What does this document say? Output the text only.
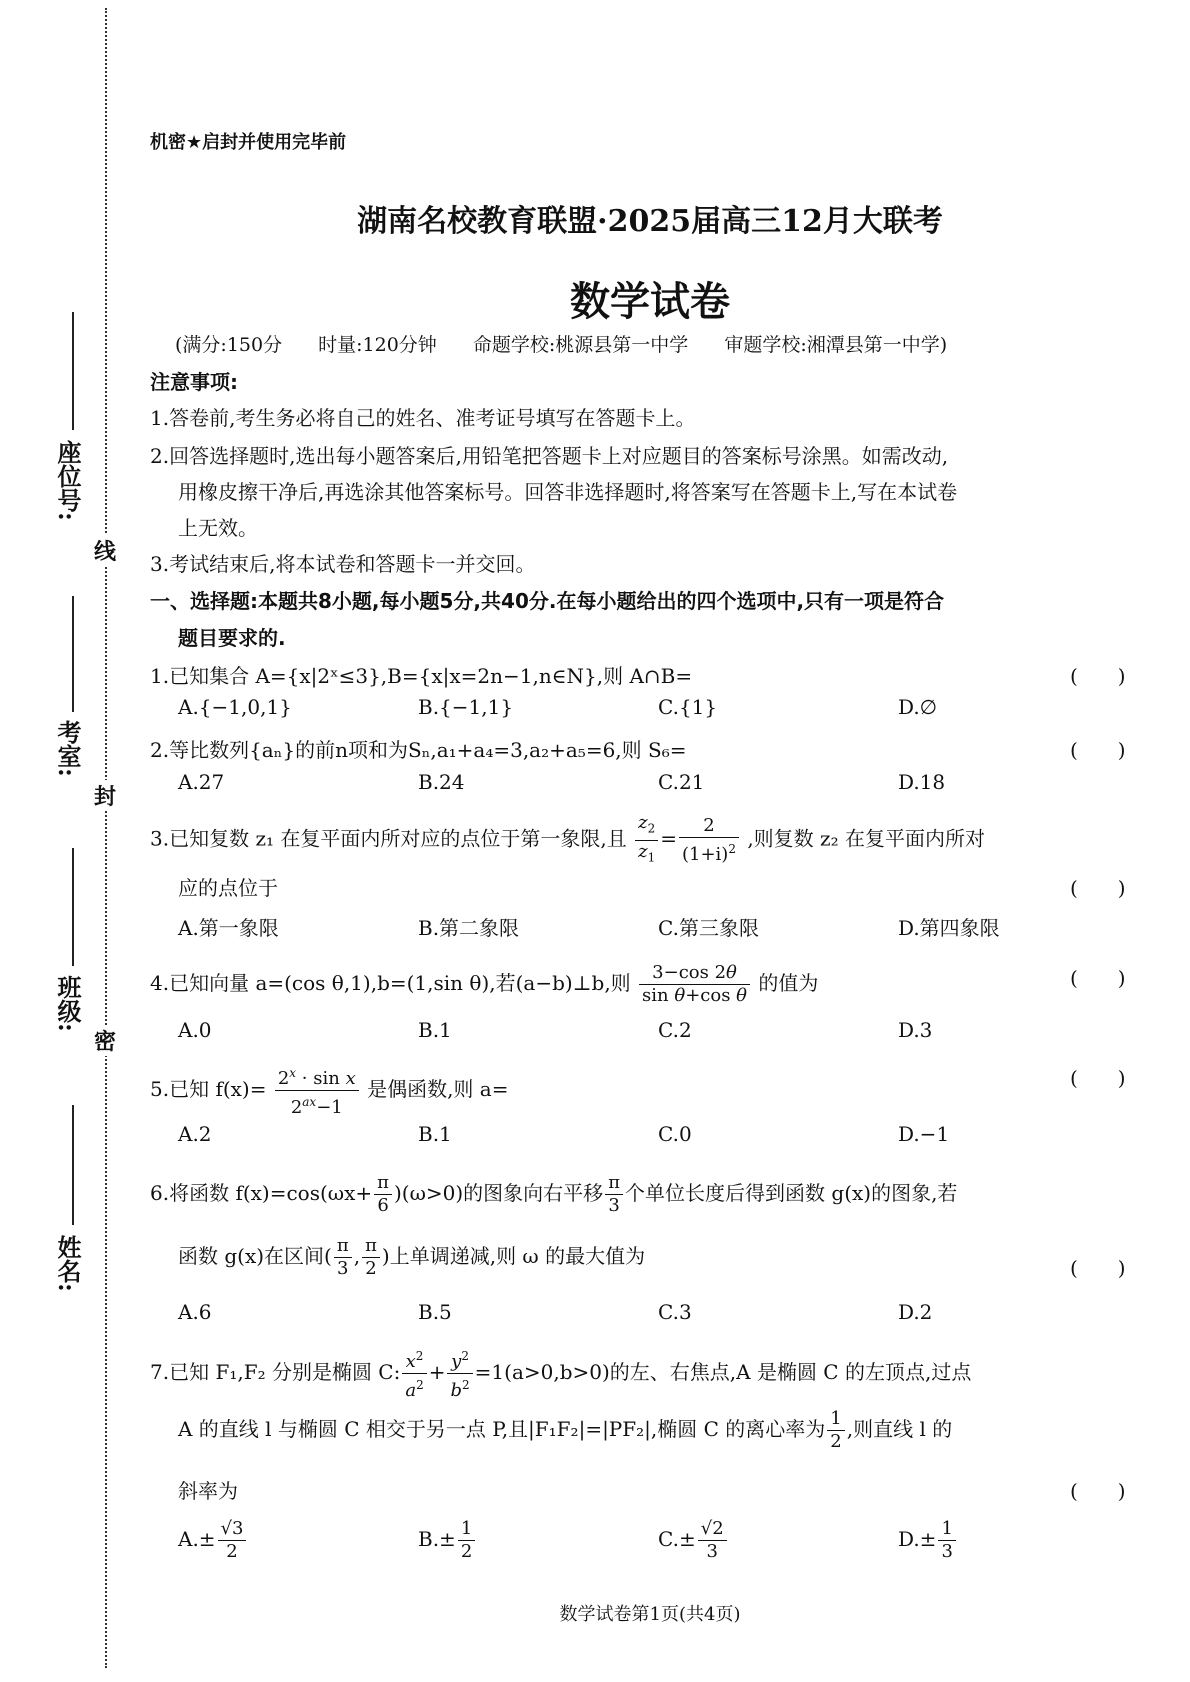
线
封
密
座位号:
考室:
班级:
姓名:
机密★启封并使用完毕前
湖南名校教育联盟·2025届高三12月大联考
数学试卷
(满分:150分 时量:120分钟 命题学校:桃源县第一中学 审题学校:湘潭县第一中学)
注意事项:
1.答卷前,考生务必将自己的姓名、准考证号填写在答题卡上。
2.回答选择题时,选出每小题答案后,用铅笔把答题卡上对应题目的答案标号涂黑。如需改动,
用橡皮擦干净后,再选涂其他答案标号。回答非选择题时,将答案写在答题卡上,写在本试卷
上无效。
3.考试结束后,将本试卷和答题卡一并交回。
一、选择题:本题共8小题,每小题5分,共40分.在每小题给出的四个选项中,只有一项是符合
题目要求的.
1.已知集合 A={x|2ˣ≤3},B={x|x=2n−1,n∈N},则 A∩B=	(　　)
A.{−1,0,1}	B.{−1,1}	C.{1}	D.∅
2.等比数列{aₙ}的前n项和为Sₙ,a₁+a₄=3,a₂+a₅=6,则 S₆=	(　　)
A.27	B.24	C.21	D.18
3.已知复数 z₁ 在复平面内所对应的点位于第一象限,且 $\frac{z_2}{z_1} = \frac{2}{(1+i)^2}$ ,则复数 z₂ 在复平面内所对
应的点位于	(　　)
A.第一象限	B.第二象限	C.第三象限	D.第四象限
4.已知向量 a=(cos θ,1),b=(1,sin θ),若(a−b)⊥b,则 $\frac{3-\cos 2\theta}{\text{sin θ+cos θ}}$ 的值为	(　　)
A.0	B.1	C.2	D.3
5.已知 $f(x)= \frac{2^x \cdot \sin x}{2^{ax}-1}$ 是偶函数,则 a=	(　　)
A.2	B.1	C.0	D.−1
6.将函数 $f(x)=\cos(\omega x+ \frac{\pi}{6} )(\omega>0)$的图象向右平移 $\frac{\pi}{3}$ 个单位长度后得到函数 g(x)的图象,若
函数 g(x)在区间( $\frac{\pi}{3}$ , $\frac{\pi}{2}$ )上单调递减,则 ω 的最大值为	(　　)
A.6	B.5	C.3	D.2
7.已知 F₁,F₂ 分别是椭圆 C: $\frac{x^2}{a^2} + \frac{y^2}{b^2} =1(a>0,b>0)$的左、右焦点,A 是椭圆 C 的左顶点,过点
A 的直线 l 与椭圆 C 相交于另一点 P,且|F₁F₂|=|PF₂|,椭圆 C 的离心率为 $\frac{1}{2}$ ,则直线 l 的
斜率为	(　　)
$A.\pm \frac{√3}{2}$	$B.\pm \frac{1}{2}$	$C.\pm \frac{√2}{3}$	$D.\pm \frac{1}{3}$
数学试卷第1页(共4页)
